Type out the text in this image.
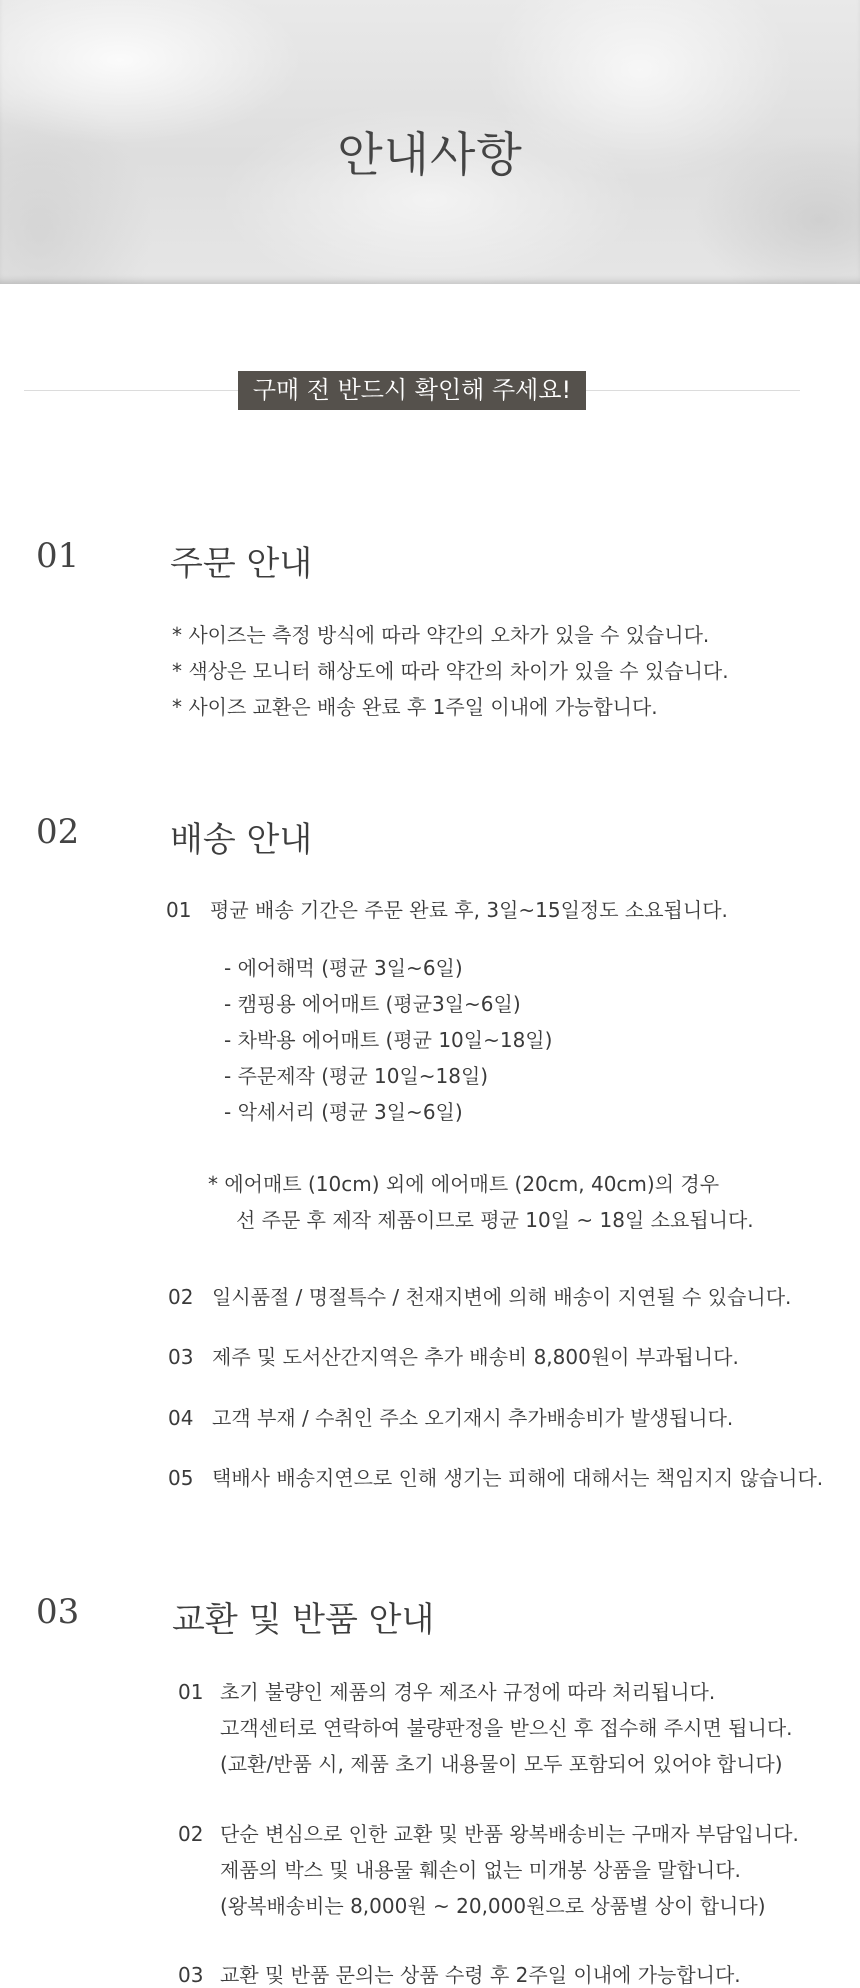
안내사항
구매 전 반드시 확인해 주세요!
01	주문 안내
* 사이즈는 측정 방식에 따라 약간의 오차가 있을 수 있습니다.
* 색상은 모니터 해상도에 따라 약간의 차이가 있을 수 있습니다.
* 사이즈 교환은 배송 완료 후 1주일 이내에 가능합니다.
02	배송 안내
01 평균 배송 기간은 주문 완료 후, 3일~15일정도 소요됩니다.
- 에어해먹 (평균 3일~6일)
- 캠핑용 에어매트 (평균3일~6일)
- 차박용 에어매트 (평균 10일~18일)
- 주문제작 (평균 10일~18일)
- 악세서리 (평균 3일~6일)
* 에어매트 (10cm) 외에 에어매트 (20cm, 40cm)의 경우
선 주문 후 제작 제품이므로 평균 10일 ~ 18일 소요됩니다.
02 일시품절 / 명절특수 / 천재지변에 의해 배송이 지연될 수 있습니다.
03 제주 및 도서산간지역은 추가 배송비 8,800원이 부과됩니다.
04 고객 부재 / 수취인 주소 오기재시 추가배송비가 발생됩니다.
05 택배사 배송지연으로 인해 생기는 피해에 대해서는 책임지지 않습니다.
03	교환 및 반품 안내
01 초기 불량인 제품의 경우 제조사 규정에 따라 처리됩니다.
고객센터로 연락하여 불량판정을 받으신 후 접수해 주시면 됩니다.
(교환/반품 시, 제품 초기 내용물이 모두 포함되어 있어야 합니다)
02 단순 변심으로 인한 교환 및 반품 왕복배송비는 구매자 부담입니다.
제품의 박스 및 내용물 훼손이 없는 미개봉 상품을 말합니다.
(왕복배송비는 8,000원 ~ 20,000원으로 상품별 상이 합니다)
03 교환 및 반품 문의는 상품 수령 후 2주일 이내에 가능합니다.
